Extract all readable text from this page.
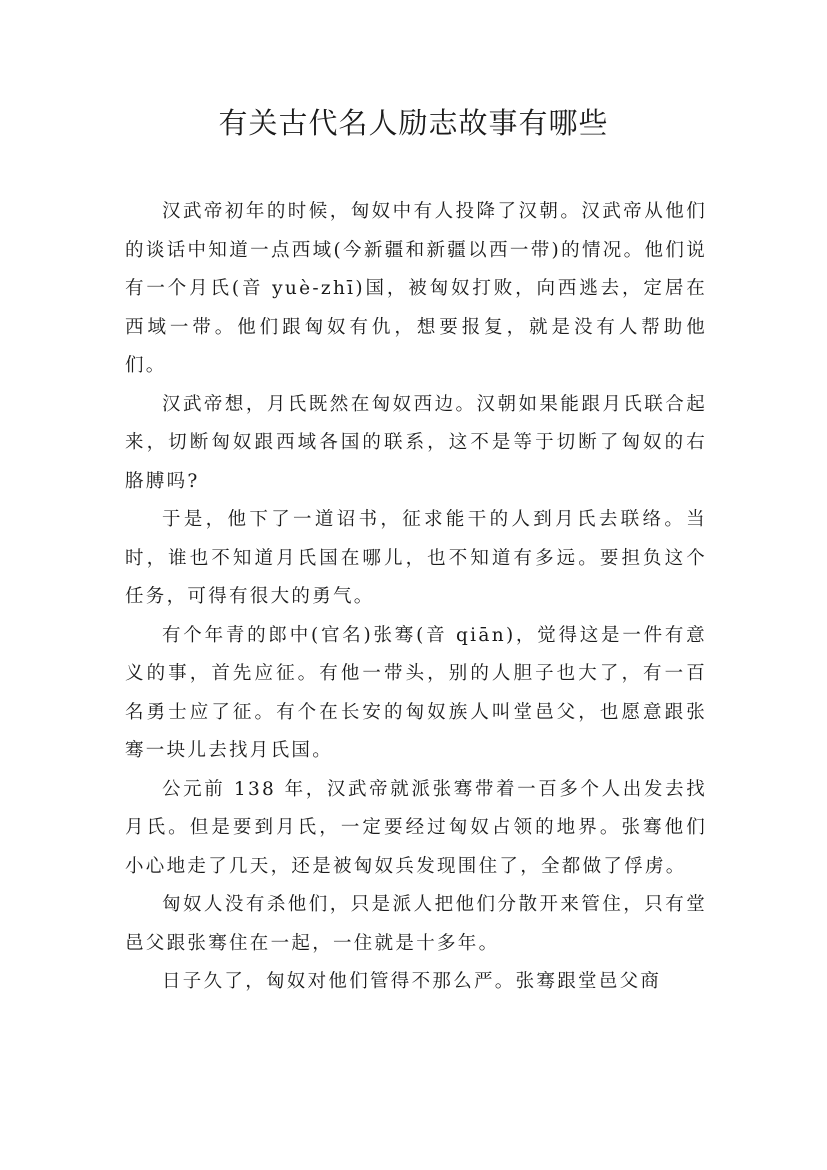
有关古代名人励志故事有哪些

汉武帝初年的时候，匈奴中有人投降了汉朝。汉武帝从他们的谈话中知道一点西域(今新疆和新疆以西一带)的情况。他们说有一个月氏(音 yuè-zhī)国，被匈奴打败，向西逃去，定居在西域一带。他们跟匈奴有仇，想要报复，就是没有人帮助他们。

汉武帝想，月氏既然在匈奴西边。汉朝如果能跟月氏联合起来，切断匈奴跟西域各国的联系，这不是等于切断了匈奴的右胳膊吗?

于是，他下了一道诏书，征求能干的人到月氏去联络。当时，谁也不知道月氏国在哪儿，也不知道有多远。要担负这个任务，可得有很大的勇气。

有个年青的郎中(官名)张骞(音 qiān)，觉得这是一件有意义的事，首先应征。有他一带头，别的人胆子也大了，有一百名勇士应了征。有个在长安的匈奴族人叫堂邑父，也愿意跟张骞一块儿去找月氏国。

公元前 138 年，汉武帝就派张骞带着一百多个人出发去找月氏。但是要到月氏，一定要经过匈奴占领的地界。张骞他们小心地走了几天，还是被匈奴兵发现围住了，全都做了俘虏。

匈奴人没有杀他们，只是派人把他们分散开来管住，只有堂邑父跟张骞住在一起，一住就是十多年。

日子久了，匈奴对他们管得不那么严。张骞跟堂邑父商
